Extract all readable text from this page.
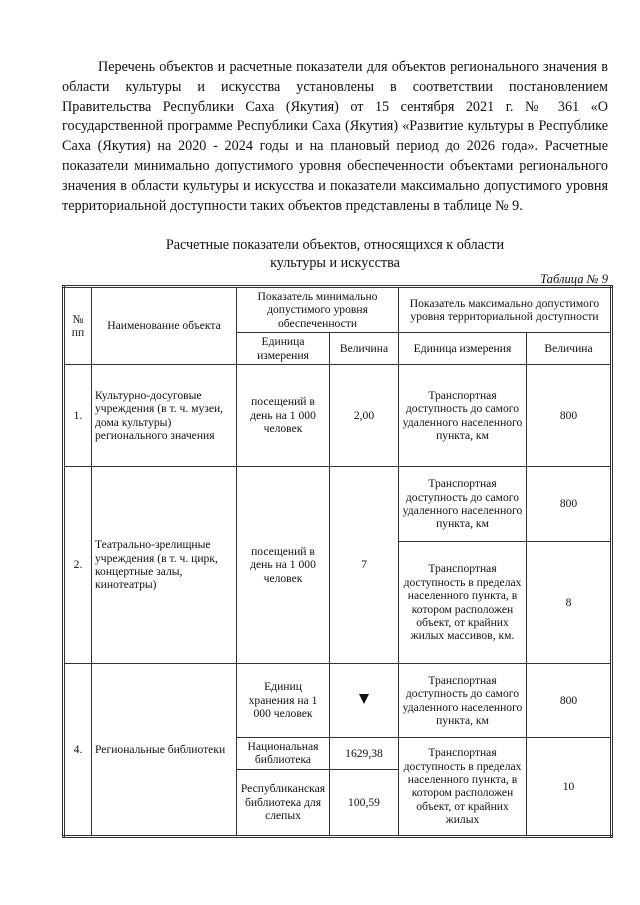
Перечень объектов и расчетные показатели для объектов регионального значения в области культуры и искусства установлены в соответствии постановлением Правительства Республики Саха (Якутия) от 15 сентября 2021 г. № 361 «О государственной программе Республики Саха (Якутия) «Развитие культуры в Республике Саха (Якутия) на 2020 - 2024 годы и на плановый период до 2026 года». Расчетные показатели минимально допустимого уровня обеспеченности объектами регионального значения в области культуры и искусства и показатели максимально допустимого уровня территориальной доступности таких объектов представлены в таблице № 9.

Расчетные показатели объектов, относящихся к области
культуры и искусства
Таблица № 9
№ пп	Наименование объекта	Показатель минимально допустимого уровня обеспеченности		Показатель максимально допустимого уровня территориальной доступности	
		Единица измерения	Величина	Единица измерения	Величина
1.	Культурно-досуговые учреждения (в т. ч. музеи, дома культуры) регионального значения	посещений в день на 1 000 человек	2,00	Транспортная доступность до самого удаленного населенного пункта, км	800
2.	Театрально-зрелищные учреждения (в т. ч. цирк, концертные залы, кинотеатры)	посещений в день на 1 000 человек	7	Транспортная доступность до самого удаленного населенного пункта, км	800
				Транспортная доступность в пределах населенного пункта, в котором расположен объект, от крайних жилых массивов, км.	8
4.	Региональные библиотеки	Единиц хранения на 1 000 человек		Транспортная доступность до самого удаленного населенного пункта, км	800
		Национальная библиотека	1629,38	Транспортная доступность в пределах населенного пункта, в котором расположен объект, от крайних жилых	10
		Республиканская библиотека для слепых	100,59		
